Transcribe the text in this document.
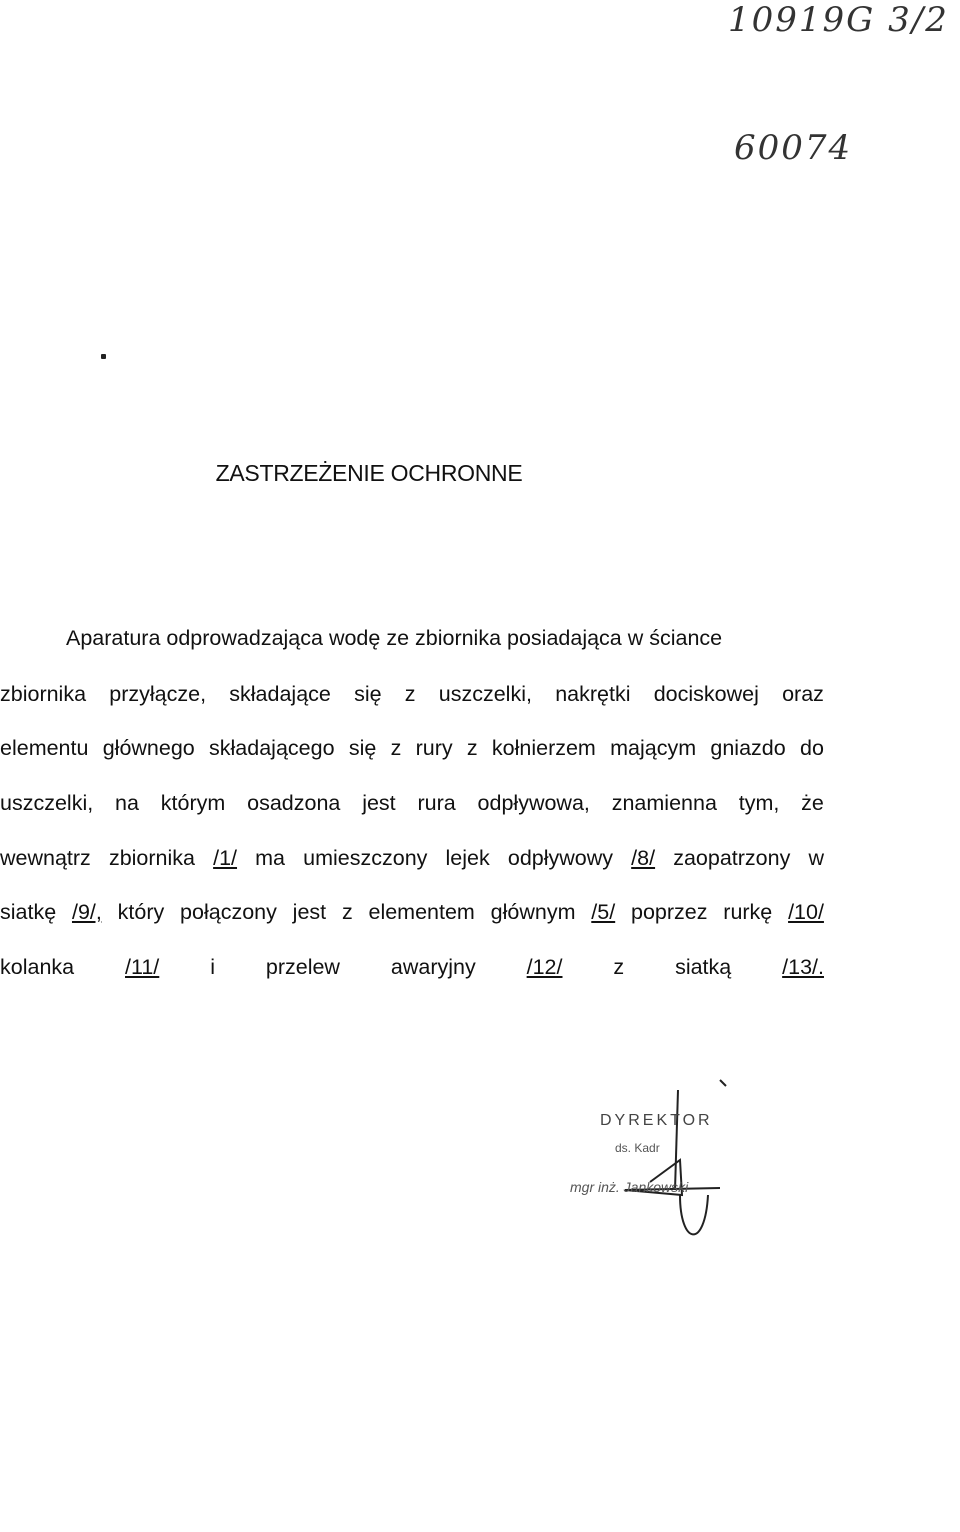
10919G 3/2
60074
ZASTRZEŻENIE OCHRONNE
Aparatura odprowadzająca wodę ze zbiornika posiadająca w ściance
zbiornika przyłącze, składające się z uszczelki, nakrętki dociskowej oraz
elementu głównego składającego się z rury z kołnierzem mającym gniazdo do
uszczelki, na którym osadzona jest rura odpływowa, znamienna tym, że
wewnątrz zbiornika /1/ ma umieszczony lejek odpływowy /8/ zaopatrzony w
siatkę /9/, który połączony jest z elementem głównym /5/ poprzez rurkę /10/
kolanka /11/ i przelew awaryjny /12/ z siatką /13/.
DYREKTOR
ds. Kadr
mgr inż. Jankowski
